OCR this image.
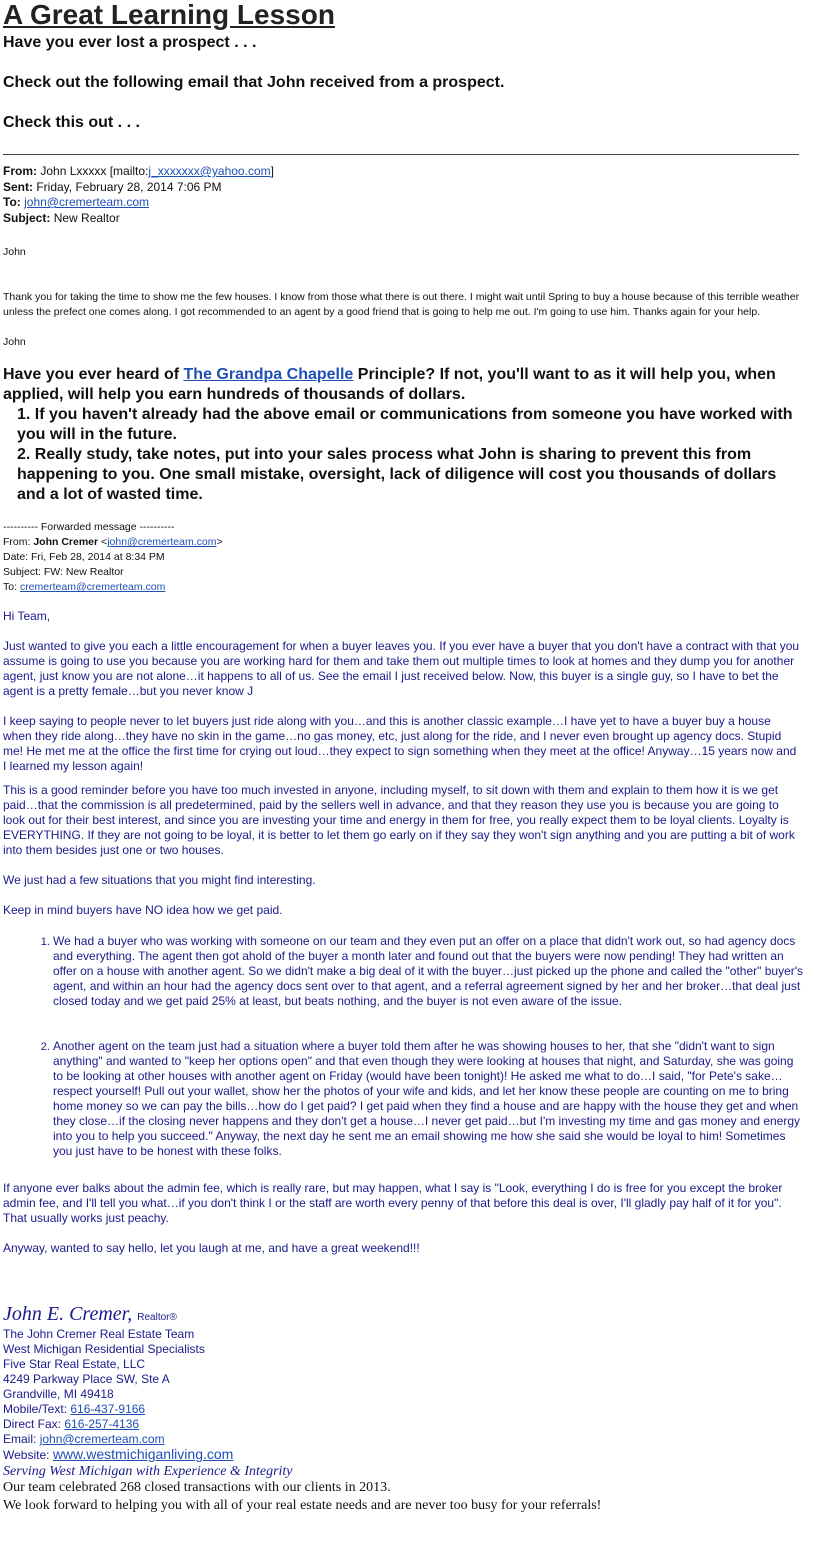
A Great Learning Lesson
Have you ever lost a prospect . . .
Check out the following email that John received from a prospect.
Check this out . . .
From: John Lxxxxx [mailto:j_xxxxxxx@yahoo.com]
Sent: Friday, February 28, 2014 7:06 PM
To: john@cremerteam.com
Subject: New Realtor
John
Thank you for taking the time to show me the few houses. I know from those what there is out there. I might wait until Spring to buy a house because of this terrible weather unless the prefect one comes along. I got recommended to an agent by a good friend that is going to help me out. I'm going to use him. Thanks again for your help.
John
Have you ever heard of The Grandpa Chapelle Principle? If not, you'll want to as it will help you, when applied, will help you earn hundreds of thousands of dollars.
1. If you haven't already had the above email or communications from someone you have worked with you will in the future.
2. Really study, take notes, put into your sales process what John is sharing to prevent this from happening to you. One small mistake, oversight, lack of diligence will cost you thousands of dollars and a lot of wasted time.
---------- Forwarded message ----------
From: John Cremer <john@cremerteam.com>
Date: Fri, Feb 28, 2014 at 8:34 PM
Subject: FW: New Realtor
To: cremerteam@cremerteam.com
Hi Team,
Just wanted to give you each a little encouragement for when a buyer leaves you. If you ever have a buyer that you don't have a contract with that you assume is going to use you because you are working hard for them and take them out multiple times to look at homes and they dump you for another agent, just know you are not alone…it happens to all of us. See the email I just received below. Now, this buyer is a single guy, so I have to bet the agent is a pretty female…but you never know J
I keep saying to people never to let buyers just ride along with you…and this is another classic example…I have yet to have a buyer buy a house when they ride along…they have no skin in the game…no gas money, etc, just along for the ride, and I never even brought up agency docs. Stupid me! He met me at the office the first time for crying out loud…they expect to sign something when they meet at the office! Anyway…15 years now and I learned my lesson again!
This is a good reminder before you have too much invested in anyone, including myself, to sit down with them and explain to them how it is we get paid…that the commission is all predetermined, paid by the sellers well in advance, and that they reason they use you is because you are going to look out for their best interest, and since you are investing your time and energy in them for free, you really expect them to be loyal clients. Loyalty is EVERYTHING. If they are not going to be loyal, it is better to let them go early on if they say they won't sign anything and you are putting a bit of work into them besides just one or two houses.
We just had a few situations that you might find interesting.
Keep in mind buyers have NO idea how we get paid.
1. We had a buyer who was working with someone on our team and they even put an offer on a place that didn't work out, so had agency docs and everything. The agent then got ahold of the buyer a month later and found out that the buyers were now pending! They had written an offer on a house with another agent. So we didn't make a big deal of it with the buyer…just picked up the phone and called the "other" buyer's agent, and within an hour had the agency docs sent over to that agent, and a referral agreement signed by her and her broker…that deal just closed today and we get paid 25% at least, but beats nothing, and the buyer is not even aware of the issue.
2. Another agent on the team just had a situation where a buyer told them after he was showing houses to her, that she "didn't want to sign anything" and wanted to "keep her options open" and that even though they were looking at houses that night, and Saturday, she was going to be looking at other houses with another agent on Friday (would have been tonight)! He asked me what to do…I said, "for Pete's sake…respect yourself! Pull out your wallet, show her the photos of your wife and kids, and let her know these people are counting on me to bring home money so we can pay the bills…how do I get paid? I get paid when they find a house and are happy with the house they get and when they close…if the closing never happens and they don't get a house…I never get paid…but I'm investing my time and gas money and energy into you to help you succeed." Anyway, the next day he sent me an email showing me how she said she would be loyal to him! Sometimes you just have to be honest with these folks.
If anyone ever balks about the admin fee, which is really rare, but may happen, what I say is "Look, everything I do is free for you except the broker admin fee, and I'll tell you what…if you don't think I or the staff are worth every penny of that before this deal is over, I'll gladly pay half of it for you". That usually works just peachy.
Anyway, wanted to say hello, let you laugh at me, and have a great weekend!!!
John E. Cremer, Realtor®
The John Cremer Real Estate Team
West Michigan Residential Specialists
Five Star Real Estate, LLC
4249 Parkway Place SW, Ste A
Grandville, MI 49418
Mobile/Text: 616-437-9166
Direct Fax: 616-257-4136
Email: john@cremerteam.com
Website: www.westmichiganliving.com
Serving West Michigan with Experience & Integrity
Our team celebrated 268 closed transactions with our clients in 2013.
We look forward to helping you with all of your real estate needs and are never too busy for your referrals!
